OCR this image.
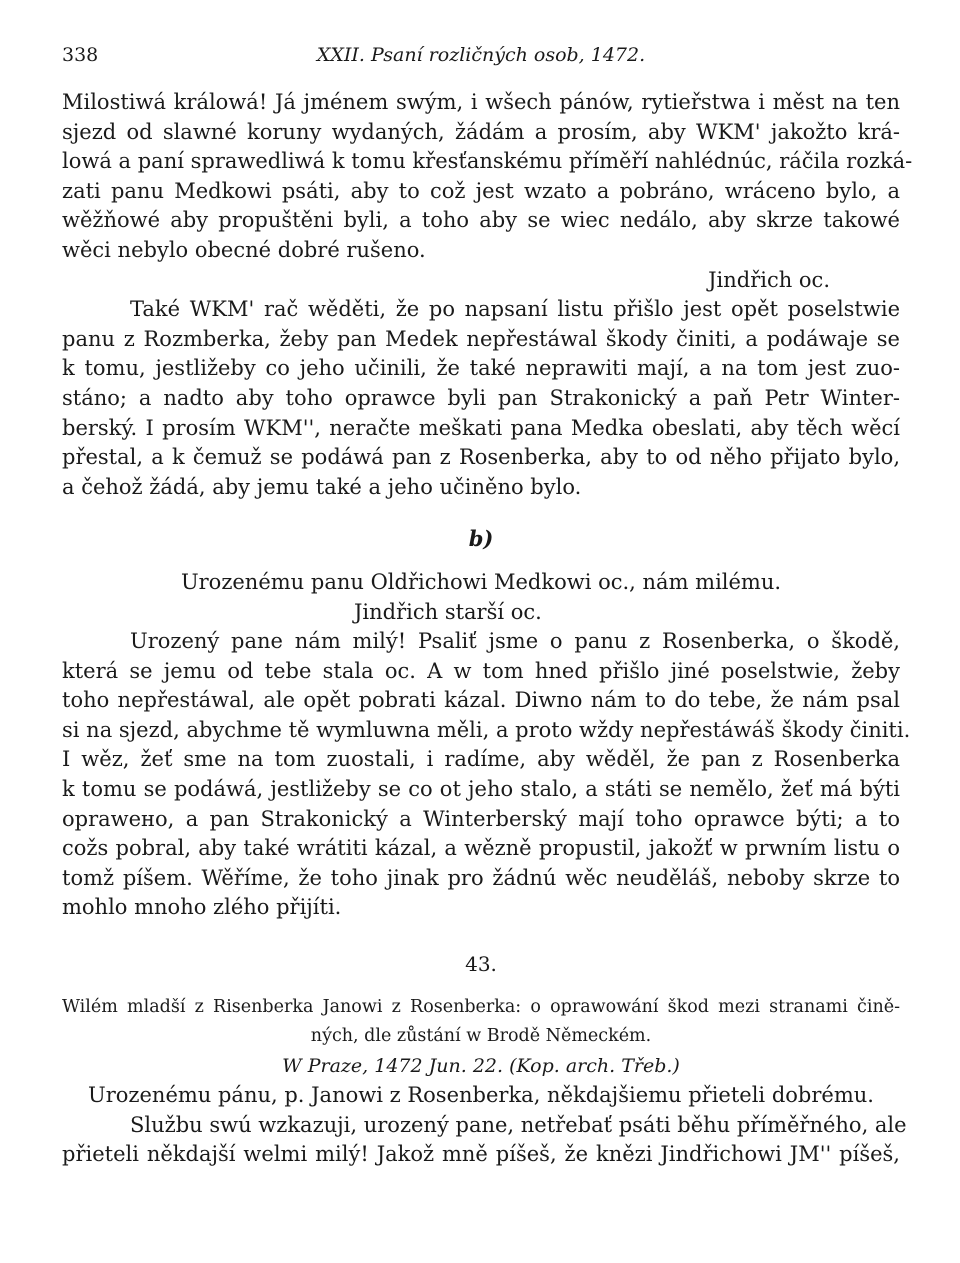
338	XXII. Psaní rozličných osob, 1472.

Milostiwá králowá! Já jménem swým, i wšech pánów, rytieřstwa i měst na ten
sjezd od slawné koruny wydaných, žádám a prosím, aby WKM' jakožto krá-
lowá a paní sprawedliwá k tomu křesťanskému příměří nahlédnúc, ráčila rozká-
zati panu Medkowi psáti, aby to což jest wzato a pobráno, wráceno bylo, a
wěžňowé aby propuštěni byli, a toho aby se wiec nedálo, aby skrze takowé
wěci nebylo obecné dobré rušeno.

Jindřich oc.

Také WKM' rač wěděti, že po napsaní listu přišlo jest opět poselstwie
panu z Rozmberka, žeby pan Medek nepřestáwal škody činiti, a podáwaje se
k tomu, jestližeby co jeho učinili, že také neprawiti mají, a na tom jest zuo-
stáno; a nadto aby toho oprawce byli pan Strakonický a paň Petr Winter-
berský. I prosím WKM'', neračte meškati pana Medka obeslati, aby těch wěcí
přestal, a k čemuž se podáwá pan z Rosenberka, aby to od něho přijato bylo,
a čehož žádá, aby jemu také a jeho učiněno bylo.

b)

Urozenému panu Oldřichowi Medkowi oc., nám milému.

Jindřich starší oc.

Urozený pane nám milý! Psaliť jsme o panu z Rosenberka, o škodě,
která se jemu od tebe stala oc. A w tom hned přišlo jiné poselstwie, žeby
toho nepřestáwal, ale opět pobrati kázal. Diwno nám to do tebe, že nám psal
si na sjezd, abychme tě wymluwna měli, a proto wždy nepřestáwáš škody činiti.
I wěz, žeť sme na tom zuostali, i radíme, aby wěděl, že pan z Rosenberka
k tomu se podáwá, jestližeby se co ot jeho stalo, a státi se nemělo, žeť má býti
oprawено, a pan Strakonický a Winterberský mají toho oprawce býti; a to
cožs pobral, aby také wrátiti kázal, a wězně propustil, jakožť w prwním listu o
tomž píšem. Wěříme, že toho jinak pro žádnú wěc neuděláš, neboby skrze to
mohlo mnoho zlého přijíti.

43.

Wilém mladší z Risenberka Janowi z Rosenberka: o oprawowání škod mezi stranami čině-
ných, dle zůstání w Brodě Německém.

W Praze, 1472 Jun. 22. (Kop. arch. Třeb.)

Urozenému pánu, p. Janowi z Rosenberka, někdajšiemu přieteli dobrému.

Službu swú wzkazuji, urozený pane, netřebať psáti běhu příměřného, ale
přieteli někdajší welmi milý! Jakož mně píšeš, že knězi Jindřichowi JM'' píšeš,
